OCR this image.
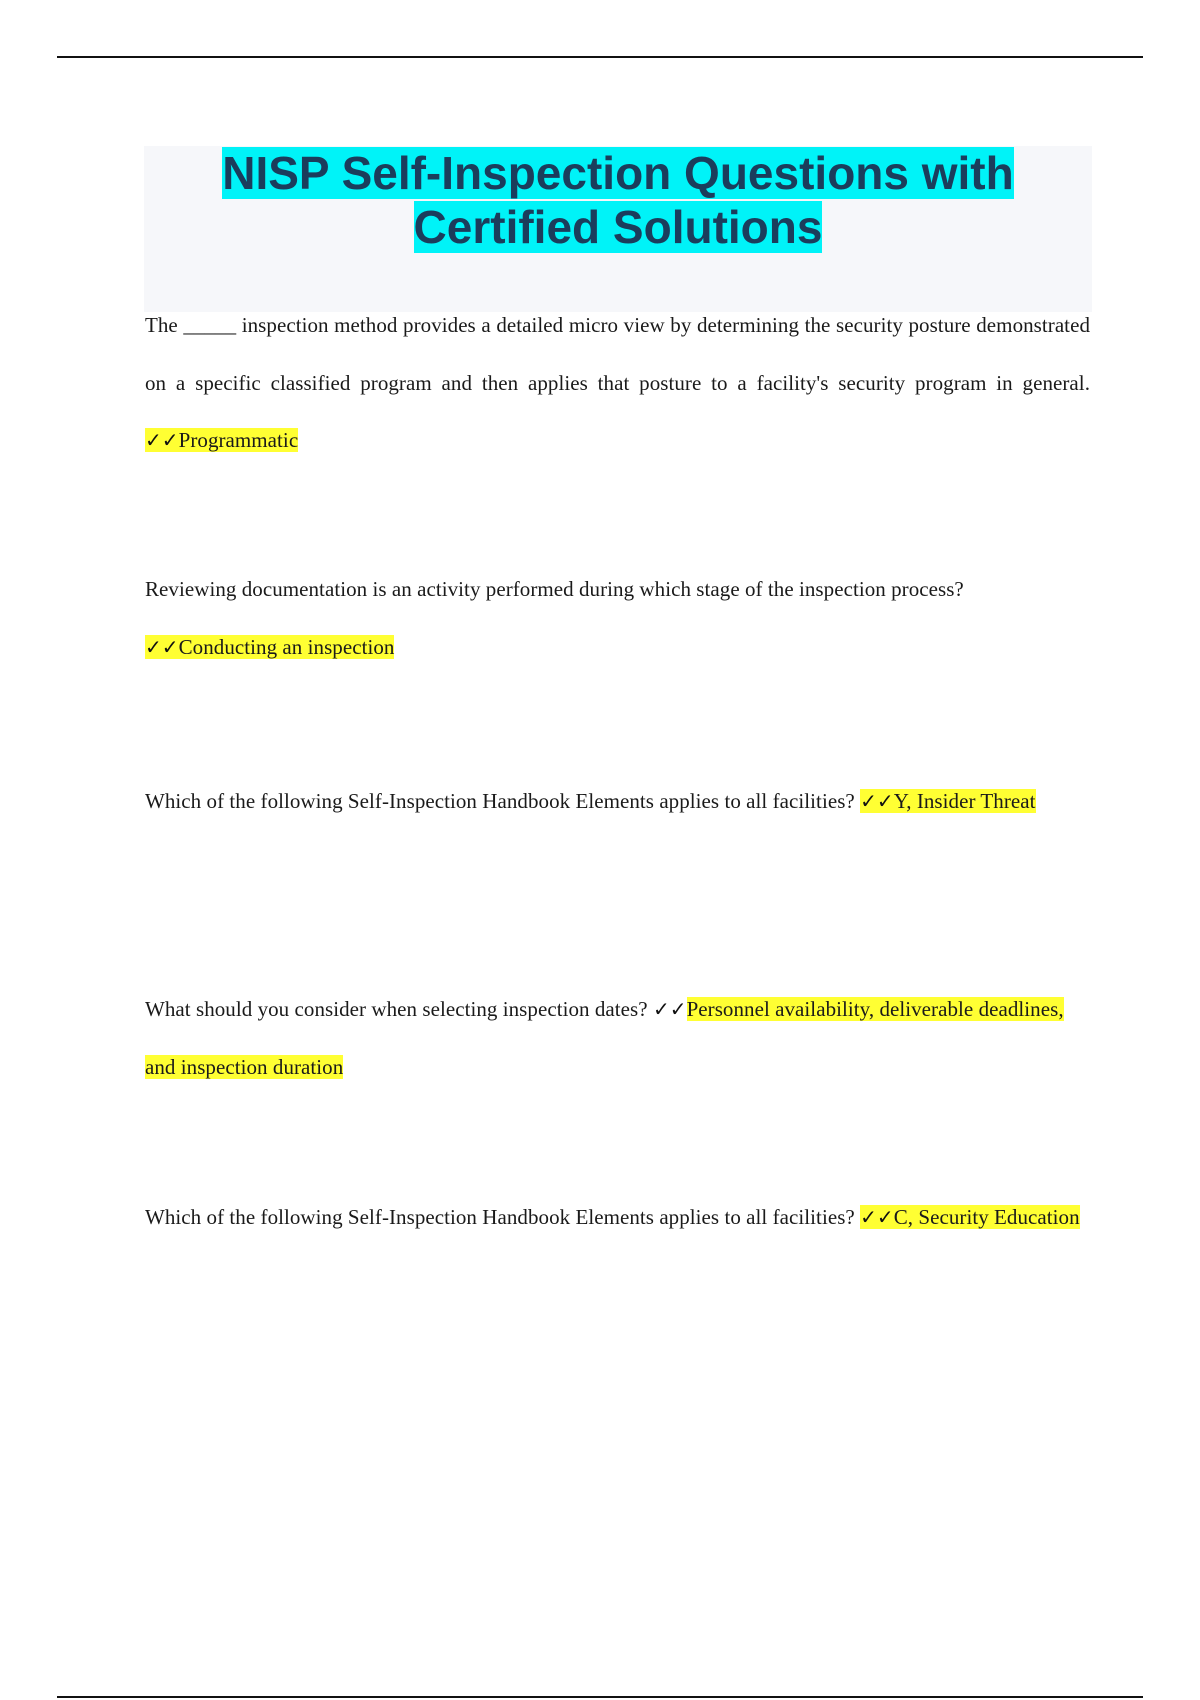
NISP Self-Inspection Questions with
Certified Solutions

The _____ inspection method provides a detailed micro view by determining the security posture demonstrated on a specific classified program and then applies that posture to a facility's security program in general. ✓✓Programmatic

Reviewing documentation is an activity performed during which stage of the inspection process?
✓✓Conducting an inspection

Which of the following Self-Inspection Handbook Elements applies to all facilities? ✓✓Y, Insider Threat

What should you consider when selecting inspection dates? ✓✓Personnel availability, deliverable deadlines, and inspection duration

Which of the following Self-Inspection Handbook Elements applies to all facilities? ✓✓C, Security Education
